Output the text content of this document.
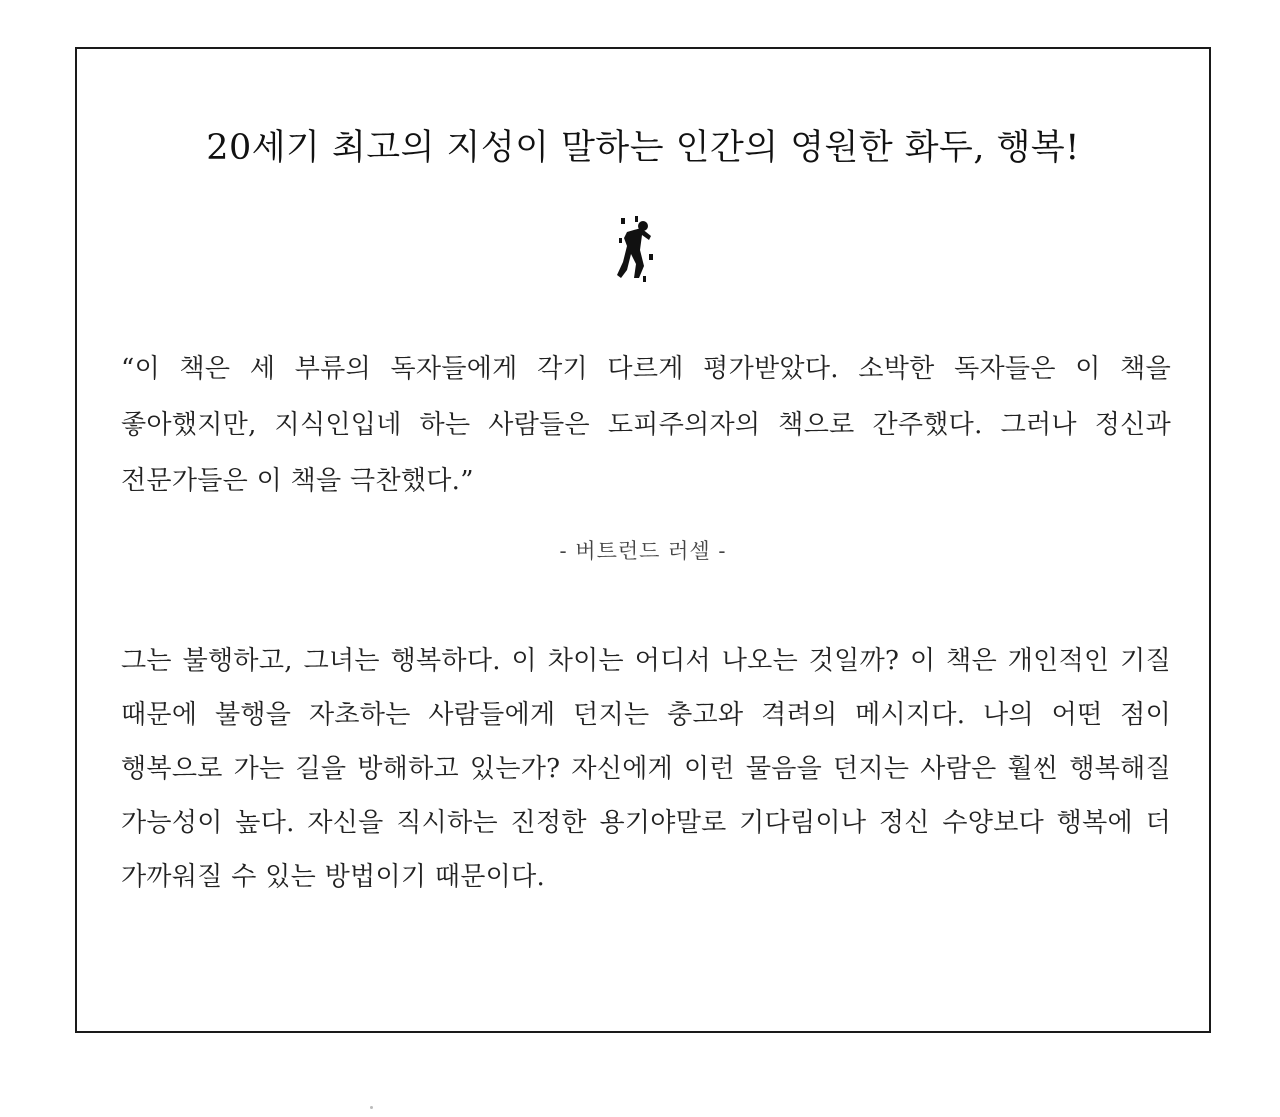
20세기 최고의 지성이 말하는 인간의 영원한 화두, 행복!
“이 책은 세 부류의 독자들에게 각기 다르게 평가받았다. 소박한 독자들은 이 책을 좋아했지만, 지식인입네 하는 사람들은 도피주의자의 책으로 간주했다. 그러나 정신과 전문가들은 이 책을 극찬했다.”
- 버트런드 러셀 -
그는 불행하고, 그녀는 행복하다. 이 차이는 어디서 나오는 것일까? 이 책은 개인적인 기질 때문에 불행을 자초하는 사람들에게 던지는 충고와 격려의 메시지다. 나의 어떤 점이 행복으로 가는 길을 방해하고 있는가? 자신에게 이런 물음을 던지는 사람은 훨씬 행복해질 가능성이 높다. 자신을 직시하는 진정한 용기야말로 기다림이나 정신 수양보다 행복에 더 가까워질 수 있는 방법이기 때문이다.
